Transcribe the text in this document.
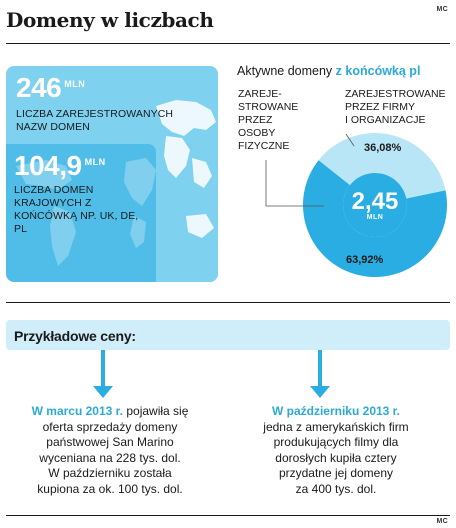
Domeny w liczbach	MC
246 $^{MLN}$
LICZBA ZAREJESTROWANYCH NAZW DOMEN
104,9 $^{MLN}$
LICZBA DOMEN KRAJOWYCH Z KOŃCÓWKĄ NP. UK, DE, PL
Aktywne domeny z końcówką pl
2,45
MLN
ZAREJE-
STROWANE
PRZEZ
OSOBY
FIZYCZNE
ZAREJESTROWANE
PRZEZ FIRMY
I ORGANIZACJE
36,08%
63,92%
Przykładowe ceny:
W marcu 2013 r. pojawiła się
oferta sprzedaży domeny
państwowej San Marino
wyceniana na 228 tys. dol.
W październiku została
kupiona za ok. 100 tys. dol.
W październiku 2013 r.
jedna z amerykańskich firm
produkujących filmy dla
dorosłych kupiła cztery
przydatne jej domeny
za 400 tys. dol.
MC
